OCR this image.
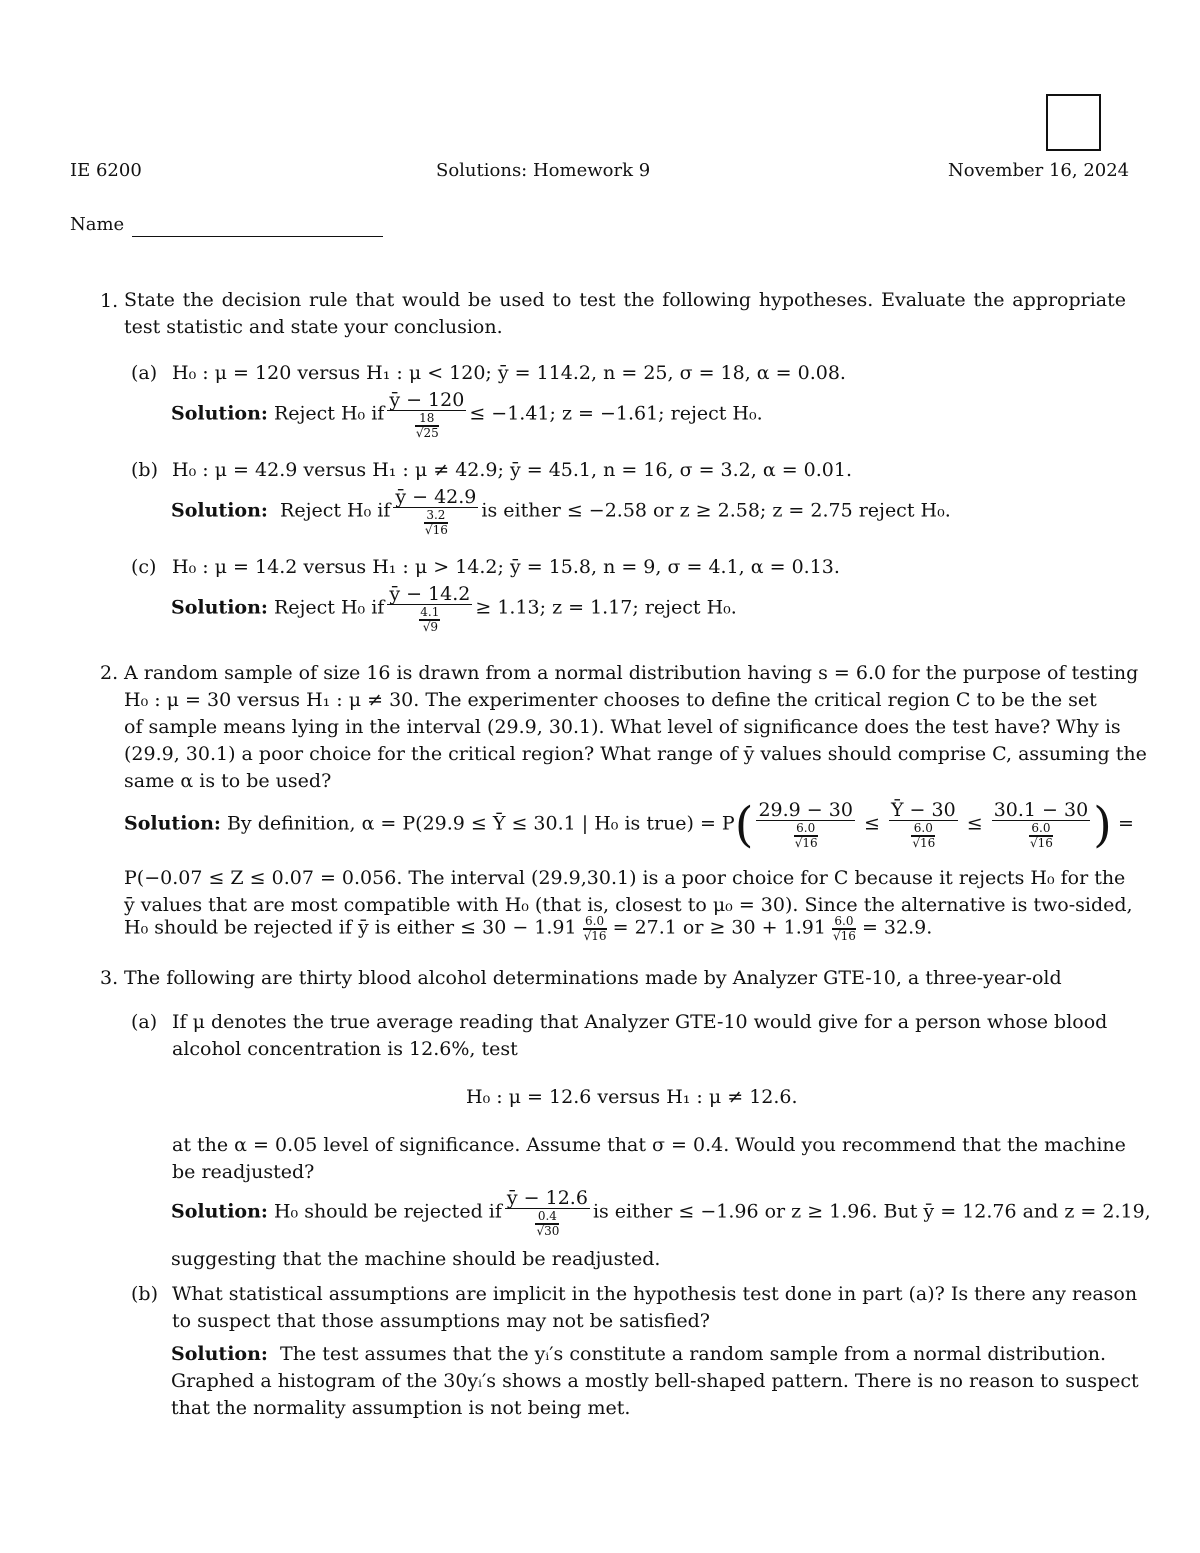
IE 6200	Solutions: Homework 9	November 16, 2024
Name
1. State the decision rule that would be used to test the following hypotheses. Evaluate the appropriate test statistic and state your conclusion.
(a) H₀ : μ = 120 versus H₁ : μ < 120; ȳ = 114.2, n = 25, σ = 18, α = 0.08.
Solution: Reject H₀ if $\frac{ȳ - 120}{\frac{18}{√25}} \le -1.41$; z = −1.61; reject H₀.
(b) H₀ : μ = 42.9 versus H₁ : μ ≠ 42.9; ȳ = 45.1, n = 16, σ = 3.2, α = 0.01.
Solution: Reject H₀ if $\frac{ȳ - 42.9}{\frac{3.2}{√16}}$ is either ≤ −2.58 or z ≥ 2.58; z = 2.75 reject H₀.
(c) H₀ : μ = 14.2 versus H₁ : μ > 14.2; ȳ = 15.8, n = 9, σ = 4.1, α = 0.13.
Solution: Reject H₀ if $\frac{ȳ - 14.2}{\frac{4.1}{√9}} \ge 1.13$; z = 1.17; reject H₀.
2. A random sample of size 16 is drawn from a normal distribution having s = 6.0 for the purpose of testing
H₀ : μ = 30 versus H₁ : μ ≠ 30. The experimenter chooses to define the critical region C to be the set
of sample means lying in the interval (29.9, 30.1). What level of significance does the test have? Why is
(29.9, 30.1) a poor choice for the critical region? What range of ȳ values should comprise C, assuming the
same α is to be used?
Solution: By definition, α = P(29.9 ≤ Ȳ ≤ 30.1 | H₀ is true) = $P( \frac{29.9 - 30}{\frac{6.0}{√16}} \le \frac{Ȳ - 30}{\frac{6.0}{√16}} \le \frac{30.1 - 30}{\frac{6.0}{√16}}$ ) =
P(−0.07 ≤ Z ≤ 0.07 = 0.056. The interval (29.9,30.1) is a poor choice for C because it rejects H₀ for the
ȳ values that are most compatible with H₀ (that is, closest to μ₀ = 30). Since the alternative is two-sided,
H₀ should be rejected if ȳ is either ≤ $30 - 1.91 \frac{6.0}{√16} = 27.1$ or ≥ $30 + 1.91 \frac{6.0}{√16} = 32.9$.
3. The following are thirty blood alcohol determinations made by Analyzer GTE-10, a three-year-old
(a) If μ denotes the true average reading that Analyzer GTE-10 would give for a person whose blood
alcohol concentration is 12.6%, test
H₀ : μ = 12.6 versus H₁ : μ ≠ 12.6.
at the α = 0.05 level of significance. Assume that σ = 0.4. Would you recommend that the machine
be readjusted?
Solution: H₀ should be rejected if $\frac{ȳ - 12.6}{\frac{0.4}{√30}}$ is either ≤ −1.96 or z ≥ 1.96. But ȳ = 12.76 and z = 2.19,
suggesting that the machine should be readjusted.
(b) What statistical assumptions are implicit in the hypothesis test done in part (a)? Is there any reason
to suspect that those assumptions may not be satisfied?
Solution: The test assumes that the yᵢ′s constitute a random sample from a normal distribution.
Graphed a histogram of the 30yᵢ′s shows a mostly bell-shaped pattern. There is no reason to suspect
that the normality assumption is not being met.
